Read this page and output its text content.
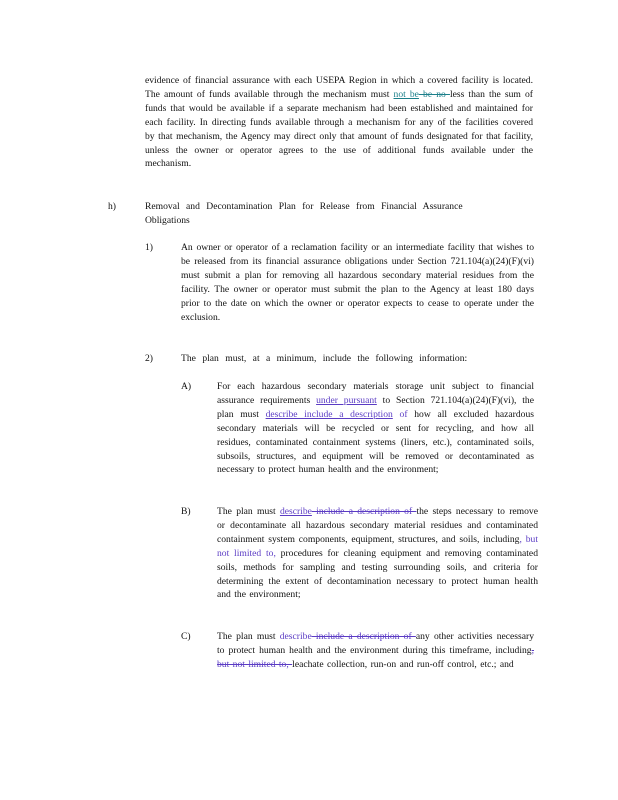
evidence of financial assurance with each USEPA Region in which a covered facility is located. The amount of funds available through the mechanism must not be be no less than the sum of funds that would be available if a separate mechanism had been established and maintained for each facility. In directing funds available through a mechanism for any of the facilities covered by that mechanism, the Agency may direct only that amount of funds designated for that facility, unless the owner or operator agrees to the use of additional funds available under the mechanism.

h)	Removal and Decontamination Plan for Release from Financial Assurance Obligations

1)	An owner or operator of a reclamation facility or an intermediate facility that wishes to be released from its financial assurance obligations under Section 721.104(a)(24)(F)(vi) must submit a plan for removing all hazardous secondary material residues from the facility. The owner or operator must submit the plan to the Agency at least 180 days prior to the date on which the owner or operator expects to cease to operate under the exclusion.

2)	The plan must, at a minimum, include the following information:

A)	For each hazardous secondary materials storage unit subject to financial assurance requirements under pursuant to Section 721.104(a)(24)(F)(vi), the plan must describe include a description of how all excluded hazardous secondary materials will be recycled or sent for recycling, and how all residues, contaminated containment systems (liners, etc.), contaminated soils, subsoils, structures, and equipment will be removed or decontaminated as necessary to protect human health and the environment;

B)	The plan must describe include a description of the steps necessary to remove or decontaminate all hazardous secondary material residues and contaminated containment system components, equipment, structures, and soils, including, but not limited to, procedures for cleaning equipment and removing contaminated soils, methods for sampling and testing surrounding soils, and criteria for determining the extent of decontamination necessary to protect human health and the environment;

C)	The plan must describe include a description of any other activities necessary to protect human health and the environment during this timeframe, including, but not limited to, leachate collection, run-on and run-off control, etc.; and
